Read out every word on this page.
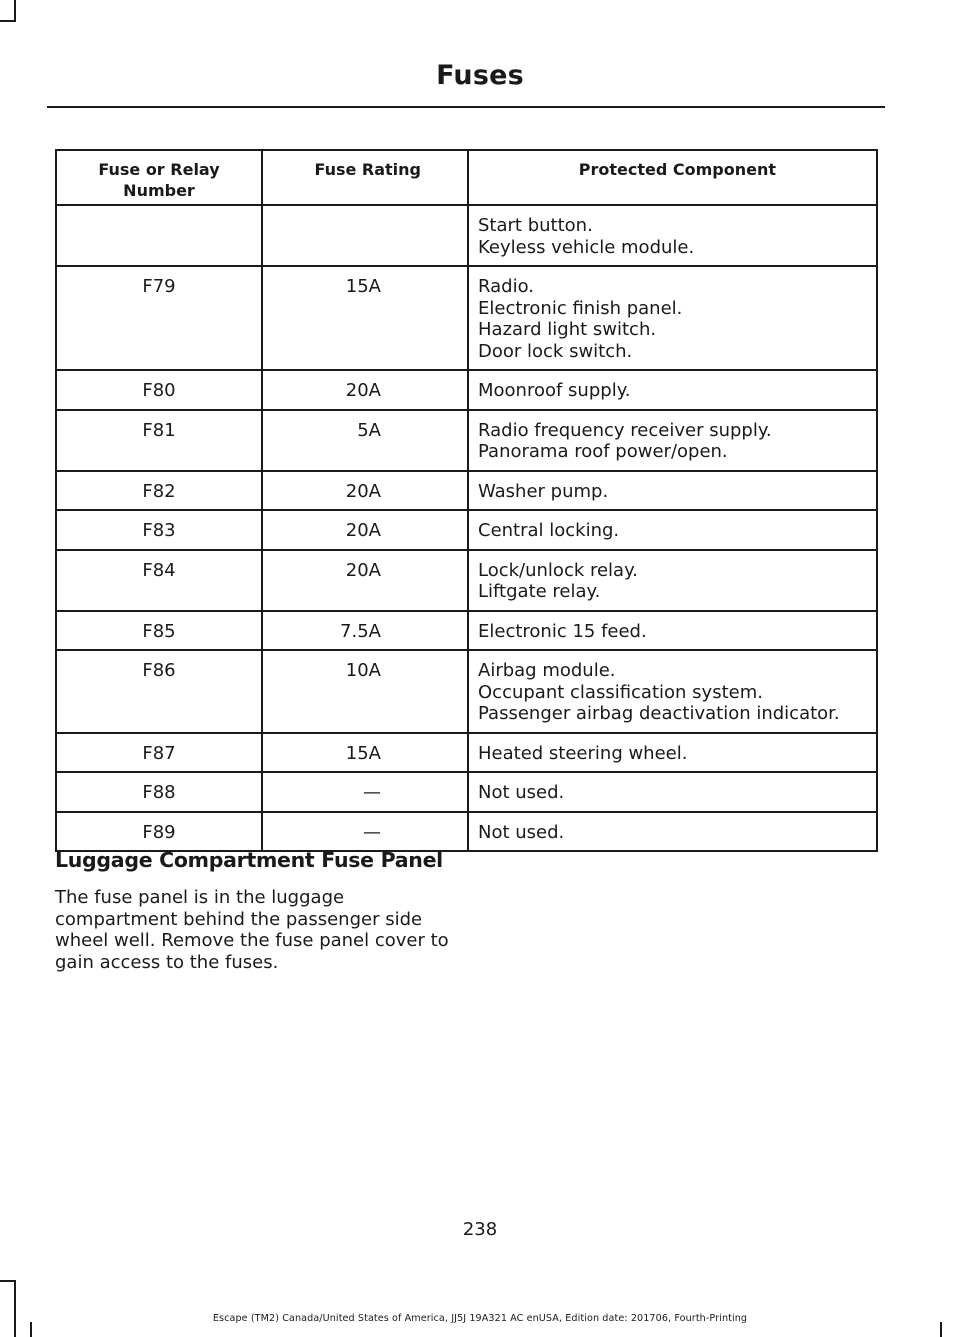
Fuses
Fuse or Relay Number	Fuse Rating	Protected Component

		Start button.
Keyless vehicle module.

F79	15A	Radio.
Electronic finish panel.
Hazard light switch.
Door lock switch.

F80	20A	Moonroof supply.

F81	5A	Radio frequency receiver supply.
Panorama roof power/open.

F82	20A	Washer pump.

F83	20A	Central locking.

F84	20A	Lock/unlock relay.
Liftgate relay.

F85	7.5A	Electronic 15 feed.

F86	10A	Airbag module.
Occupant classification system.
Passenger airbag deactivation indicator.

F87	15A	Heated steering wheel.

F88	—	Not used.

F89	—	Not used.
Luggage Compartment Fuse Panel
The fuse panel is in the luggage compartment behind the passenger side wheel well. Remove the fuse panel cover to gain access to the fuses.
238
Escape (TM2) Canada/United States of America, JJ5J 19A321 AC enUSA, Edition date: 201706, Fourth-Printing
